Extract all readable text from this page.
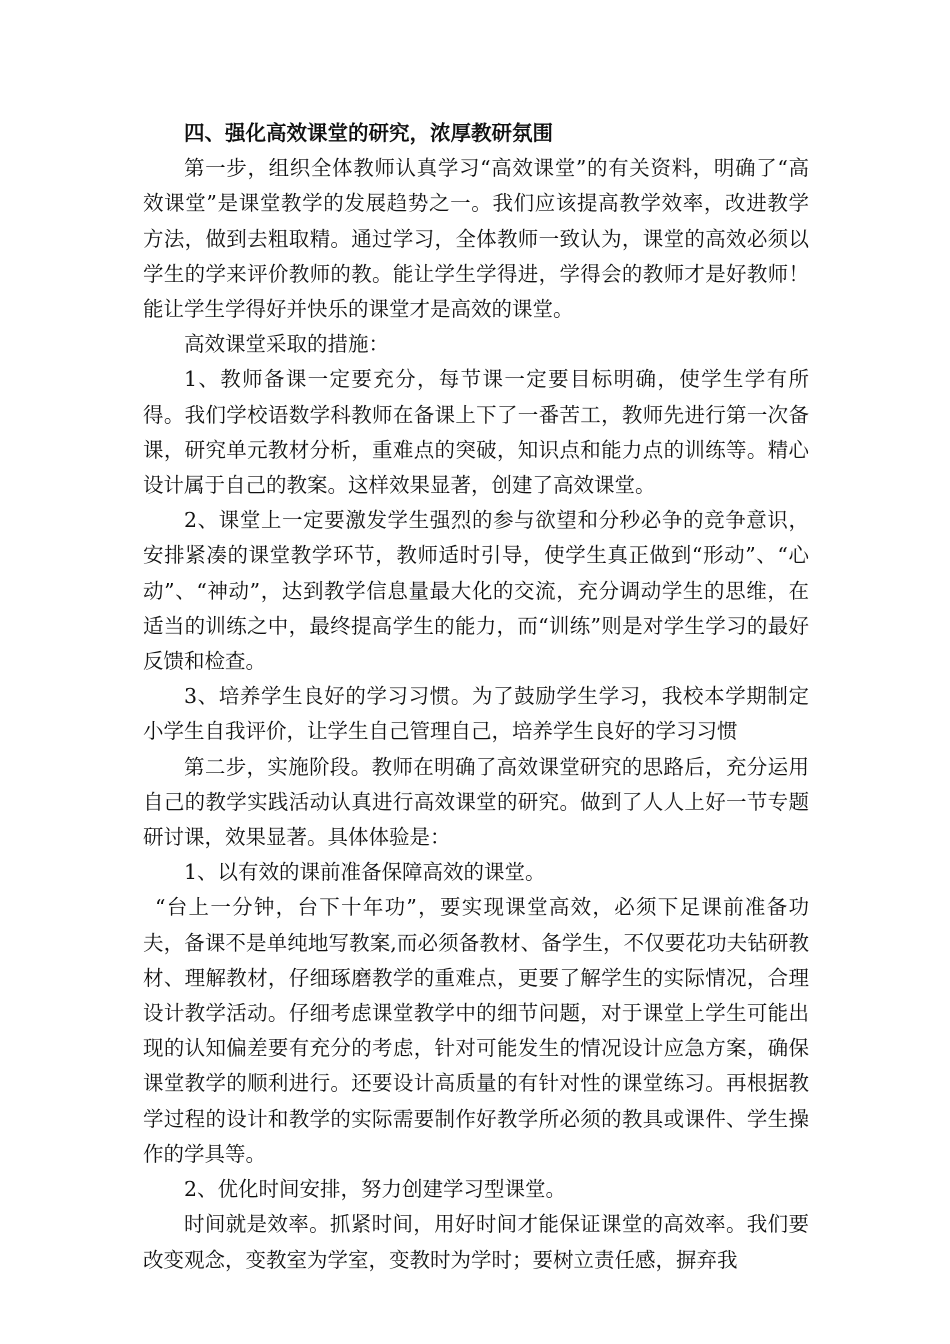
四、强化高效课堂的研究，浓厚教研氛围

第一步，组织全体教师认真学习“高效课堂”的有关资料，明确了“高效课堂”是课堂教学的发展趋势之一。我们应该提高教学效率，改进教学方法，做到去粗取精。通过学习，全体教师一致认为，课堂的高效必须以学生的学来评价教师的教。能让学生学得进，学得会的教师才是好教师！能让学生学得好并快乐的课堂才是高效的课堂。

高效课堂采取的措施：

1、教师备课一定要充分，每节课一定要目标明确，使学生学有所得。我们学校语数学科教师在备课上下了一番苦工，教师先进行第一次备课，研究单元教材分析，重难点的突破，知识点和能力点的训练等。精心设计属于自己的教案。这样效果显著，创建了高效课堂。

2、课堂上一定要激发学生强烈的参与欲望和分秒必争的竞争意识，安排紧凑的课堂教学环节，教师适时引导，使学生真正做到“形动”、“心动”、“神动”，达到教学信息量最大化的交流，充分调动学生的思维，在适当的训练之中，最终提高学生的能力，而“训练”则是对学生学习的最好反馈和检查。

3、培养学生良好的学习习惯。为了鼓励学生学习，我校本学期制定小学生自我评价，让学生自己管理自己，培养学生良好的学习习惯

第二步，实施阶段。教师在明确了高效课堂研究的思路后，充分运用自己的教学实践活动认真进行高效课堂的研究。做到了人人上好一节专题研讨课，效果显著。具体体验是：

1、以有效的课前准备保障高效的课堂。

“台上一分钟，台下十年功”，要实现课堂高效，必须下足课前准备功夫，备课不是单纯地写教案,而必须备教材、备学生，不仅要花功夫钻研教材、理解教材，仔细琢磨教学的重难点，更要了解学生的实际情况，合理设计教学活动。仔细考虑课堂教学中的细节问题，对于课堂上学生可能出现的认知偏差要有充分的考虑，针对可能发生的情况设计应急方案，确保课堂教学的顺利进行。还要设计高质量的有针对性的课堂练习。再根据教学过程的设计和教学的实际需要制作好教学所必须的教具或课件、学生操作的学具等。

2、优化时间安排，努力创建学习型课堂。

时间就是效率。抓紧时间，用好时间才能保证课堂的高效率。我们要改变观念，变教室为学室，变教时为学时；要树立责任感，摒弃我
